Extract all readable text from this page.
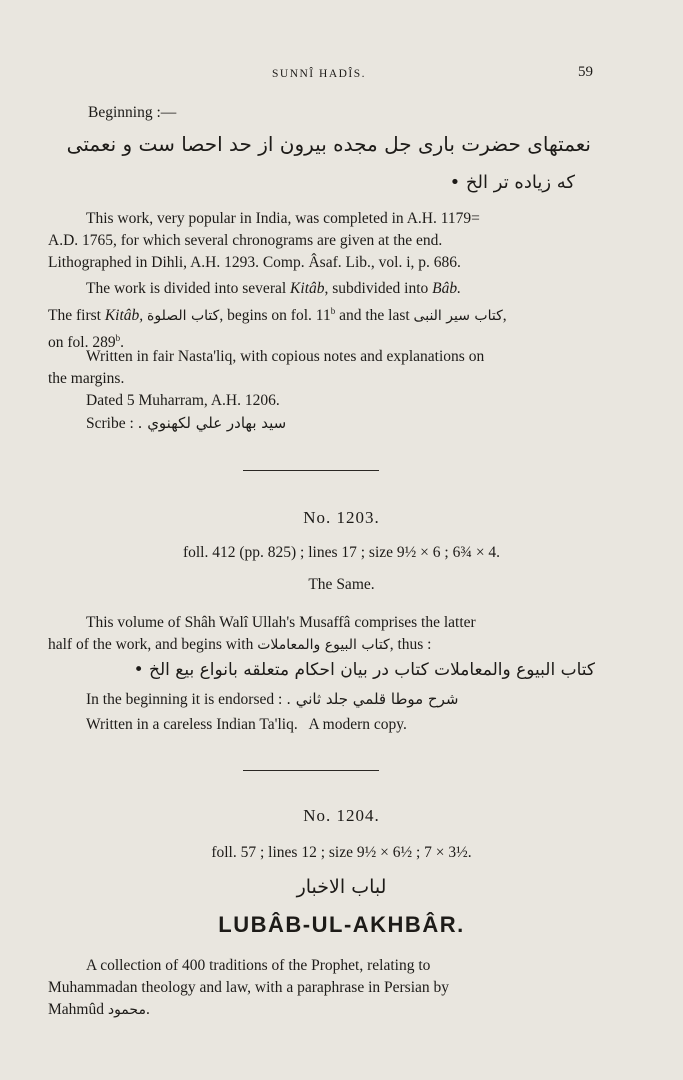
SUNNÎ HADÎS.	59
Beginning :—
نعمتهای حضرت باری جل مجده بیرون از حد احصا ست و نعمتی
که زیاده تر الخ •
This work, very popular in India, was completed in A.H. 1179=
A.D. 1765, for which several chronograms are given at the end.
Lithographed in Dihli, A.H. 1293. Comp. Âsaf. Lib., vol. i, p. 686.
The work is divided into several Kitâb, subdivided into Bâb.
The first Kitâb, کتاب الصلوة, begins on fol. 11$^b$ and the last کتاب سیر النبی,
on fol. 289$^b$.
Written in fair Nasta'liq, with copious notes and explanations on
the margins.
Dated 5 Muharram, A.H. 1206.
Scribe : سید بهادر علي لکهنوي .
No. 1203.
foll. 412 (pp. 825) ; lines 17 ; size 9½ × 6 ; 6¾ × 4.
The Same.
This volume of Shâh Walî Ullah's Musaffâ comprises the latter
half of the work, and begins with کتاب البیوع والمعاملات, thus :
کتاب البیوع والمعاملات کتاب در بیان احکام متعلقه بانواع بیع الخ •
In the beginning it is endorsed : شرح موطا قلمي جلد ثاني .
Written in a careless Indian Ta'liq.   A modern copy.
No. 1204.
foll. 57 ; lines 12 ; size 9½ × 6½ ; 7 × 3½.
لباب الاخبار
LUBÂB-UL-AKHBÂR.
A collection of 400 traditions of the Prophet, relating to
Muhammadan theology and law, with a paraphrase in Persian by
Mahmûd محمود.
